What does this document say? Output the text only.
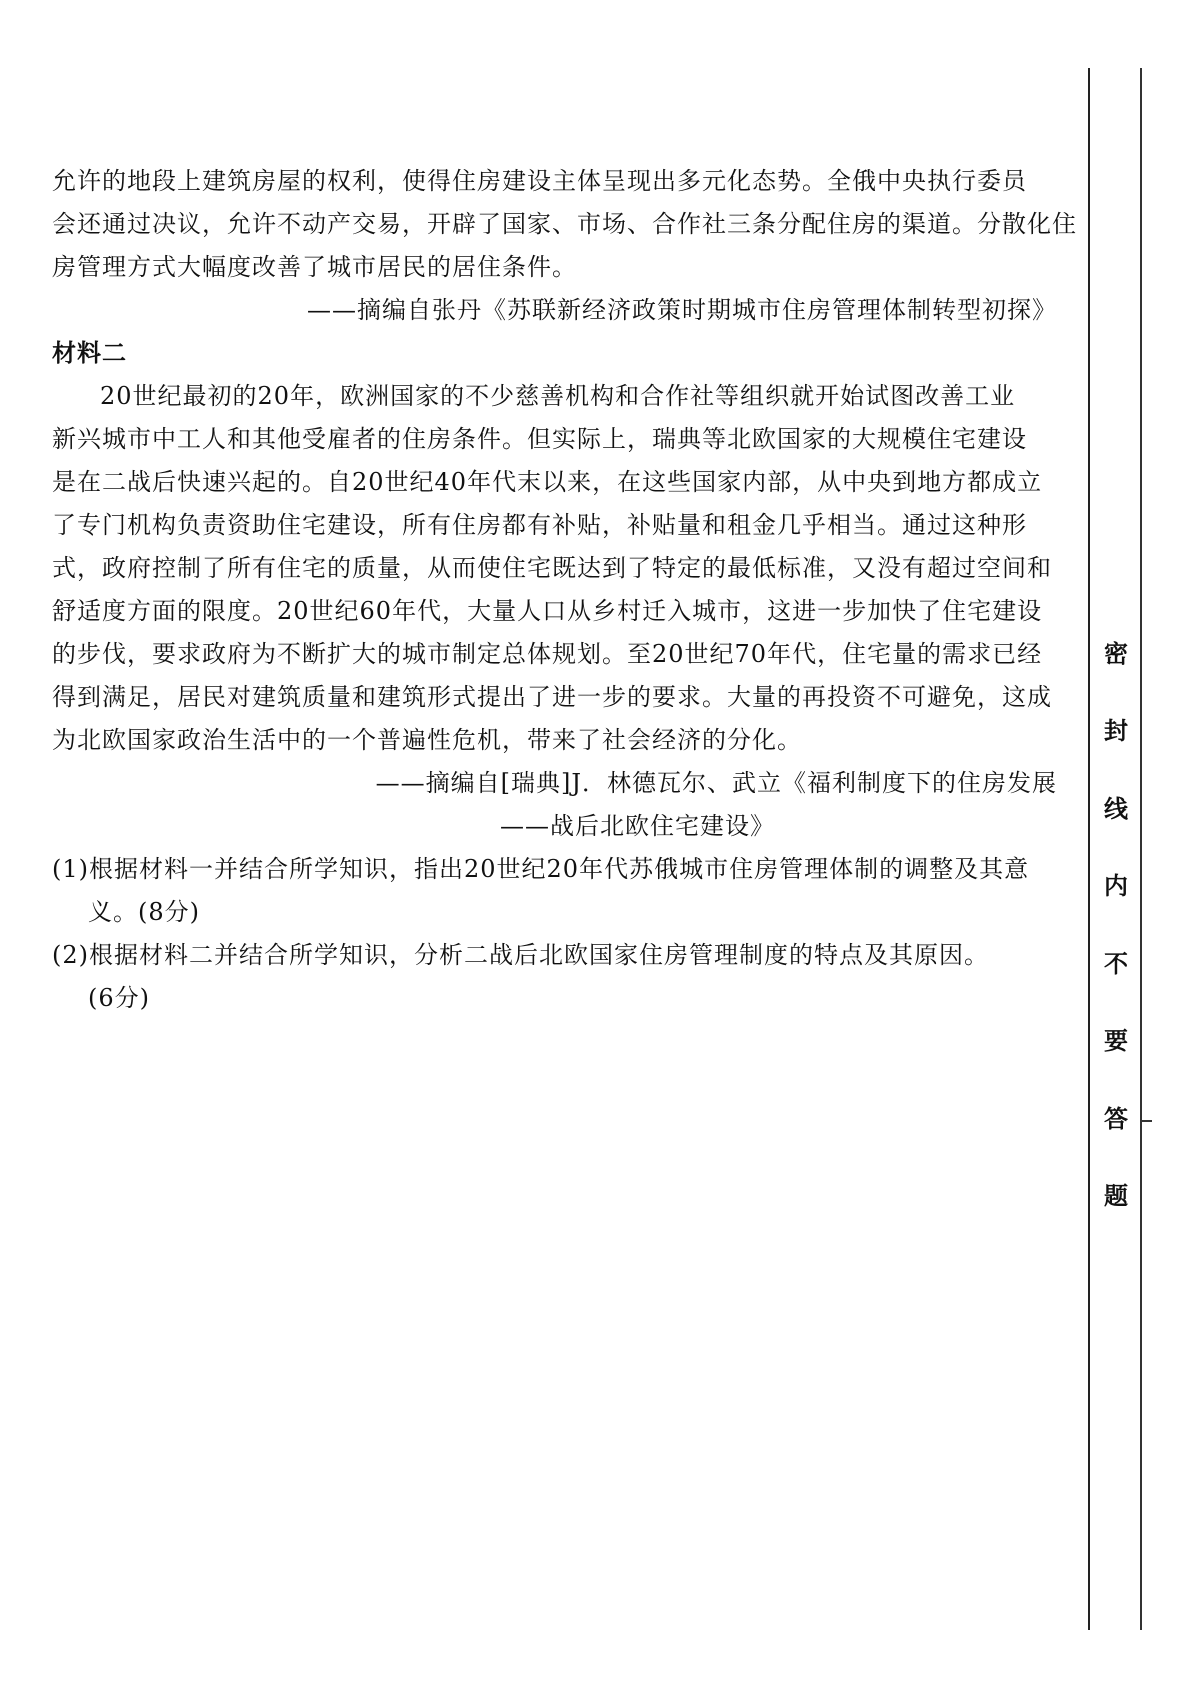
允许的地段上建筑房屋的权利，使得住房建设主体呈现出多元化态势。全俄中央执行委员
会还通过决议，允许不动产交易，开辟了国家、市场、合作社三条分配住房的渠道。分散化住
房管理方式大幅度改善了城市居民的居住条件。

——摘编自张丹《苏联新经济政策时期城市住房管理体制转型初探》

材料二

20世纪最初的20年，欧洲国家的不少慈善机构和合作社等组织就开始试图改善工业
新兴城市中工人和其他受雇者的住房条件。但实际上，瑞典等北欧国家的大规模住宅建设
是在二战后快速兴起的。自20世纪40年代末以来，在这些国家内部，从中央到地方都成立
了专门机构负责资助住宅建设，所有住房都有补贴，补贴量和租金几乎相当。通过这种形
式，政府控制了所有住宅的质量，从而使住宅既达到了特定的最低标准，又没有超过空间和
舒适度方面的限度。20世纪60年代，大量人口从乡村迁入城市，这进一步加快了住宅建设
的步伐，要求政府为不断扩大的城市制定总体规划。至20世纪70年代，住宅量的需求已经
得到满足，居民对建筑质量和建筑形式提出了进一步的要求。大量的再投资不可避免，这成
为北欧国家政治生活中的一个普遍性危机，带来了社会经济的分化。

——摘编自[瑞典]J．林德瓦尔、武立《福利制度下的住房发展

——战后北欧住宅建设》

(1)根据材料一并结合所学知识，指出20世纪20年代苏俄城市住房管理体制的调整及其意

义。(8分)

(2)根据材料二并结合所学知识，分析二战后北欧国家住房管理制度的特点及其原因。

(6分)

密
封
线
内
不
要
答
题
